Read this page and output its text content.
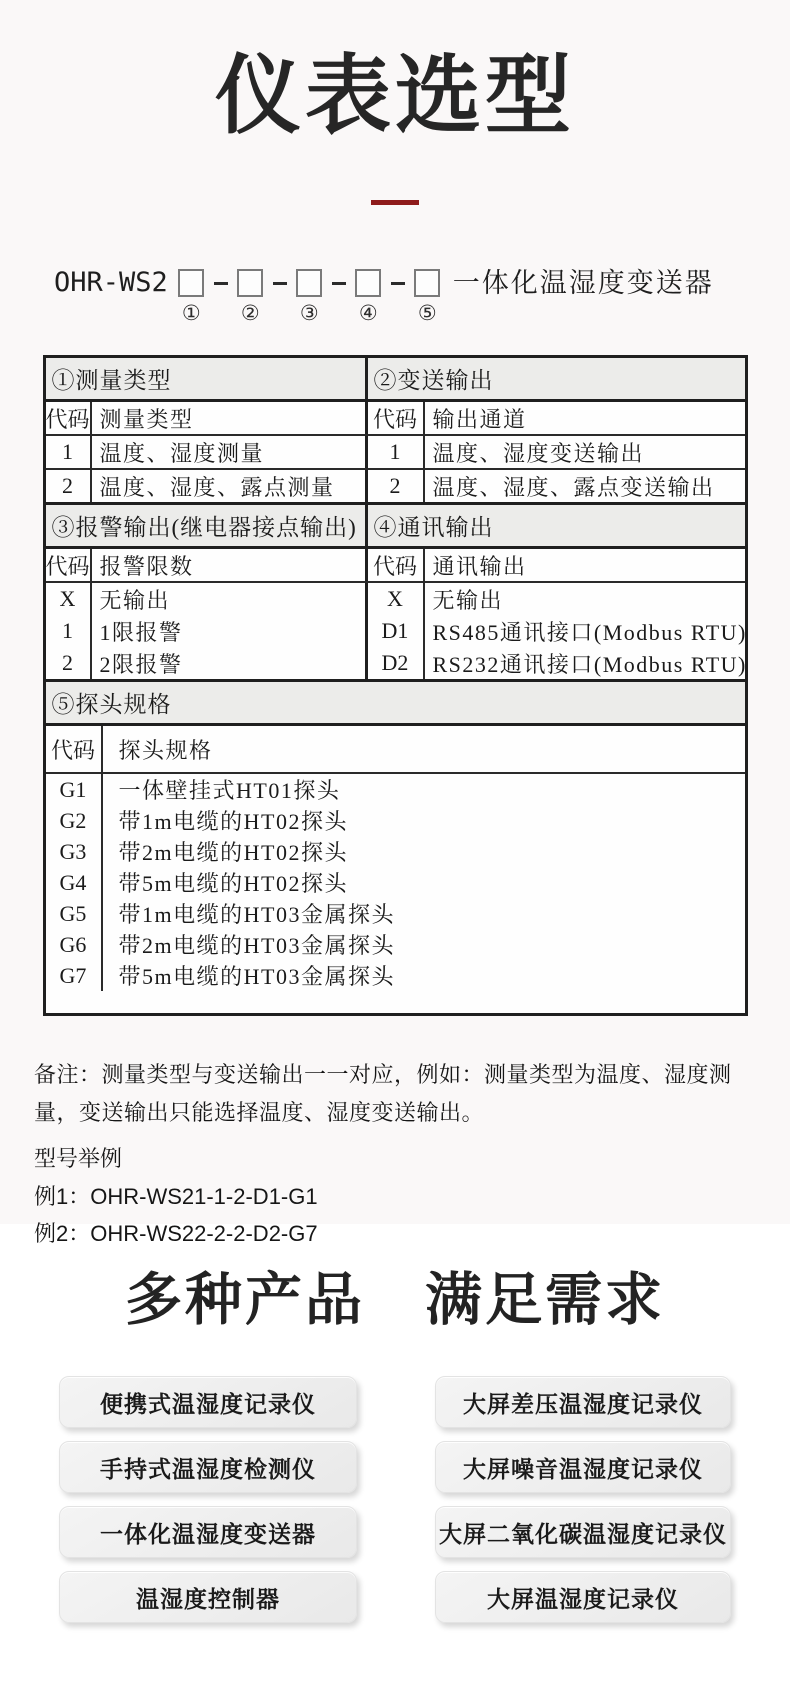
仪表选型
OHR-WS2
① ② ③ ④ ⑤
一体化温湿度变送器
①测量类型	②变送输出
代码 测量类型	代码 输出通道
1	温度、湿度测量	1	温度、湿度变送输出
2	温度、湿度、露点测量	2	温度、湿度、露点变送输出
③报警输出(继电器接点输出) ④通讯输出
代码 报警限数	代码 通讯输出
X	无输出	X	无输出
1	1限报警	D1	RS485通讯接口(Modbus RTU)
2	2限报警	D2	RS232通讯接口(Modbus RTU)
⑤探头规格
代码	探头规格
G1	一体壁挂式HT01探头
G2	带1m电缆的HT02探头
G3	带2m电缆的HT02探头
G4	带5m电缆的HT02探头
G5	带1m电缆的HT03金属探头
G6	带2m电缆的HT03金属探头
G7	带5m电缆的HT03金属探头
备注：测量类型与变送输出一一对应，例如：测量类型为温度、湿度测量，变送输出只能选择温度、湿度变送输出。
型号举例
例1：OHR-WS21-1-2-D1-G1
例2：OHR-WS22-2-2-D2-G7
多种产品 满足需求
便携式温湿度记录仪	大屏差压温湿度记录仪
手持式温湿度检测仪	大屏噪音温湿度记录仪
一体化温湿度变送器	大屏二氧化碳温湿度记录仪
温湿度控制器	大屏温湿度记录仪
